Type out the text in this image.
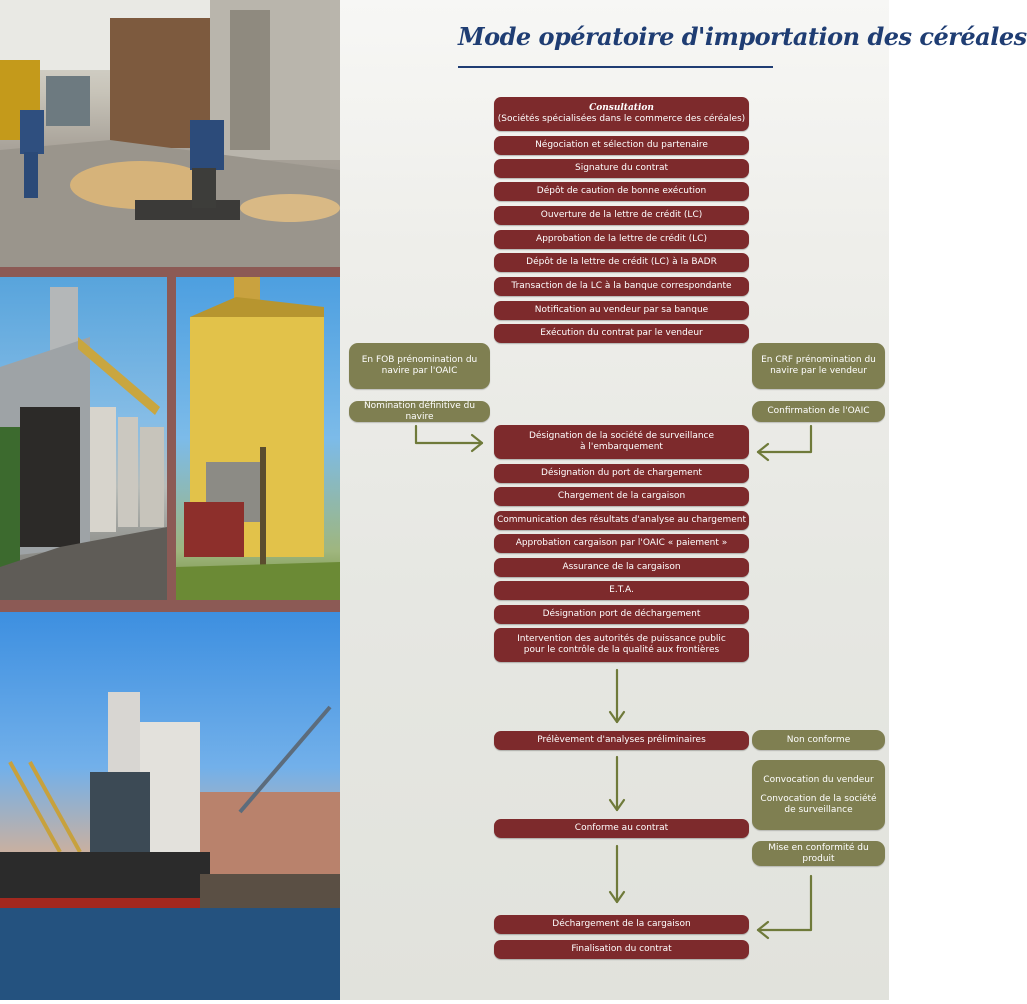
Mode opératoire d'importation des céréales
Consultation
(Sociétés spécialisées dans le commerce des céréales)
Négociation et sélection du partenaire
Signature du contrat
Dépôt de caution de bonne exécution
Ouverture de la lettre de crédit (LC)
Approbation de la lettre de crédit (LC)
Dépôt de la lettre de crédit (LC) à la BADR
Transaction de la LC à la banque correspondante
Notification au vendeur par sa banque
Exécution du contrat par le vendeur
En FOB prénomination du
navire par l'OAIC
Nomination définitive du navire
En CRF prénomination du
navire par le vendeur
Confirmation de l'OAIC
Désignation de la société de surveillance
à l'embarquement
Désignation du port de chargement
Chargement de la cargaison
Communication des résultats d'analyse au chargement
Approbation cargaison par l'OAIC « paiement »
Assurance de la cargaison
E.T.A.
Désignation port de déchargement
Intervention des autorités de puissance public
pour le contrôle de la qualité aux frontières
Prélèvement d'analyses préliminaires	Non conforme
Convocation du vendeur
Convocation de la société
de surveillance
Conforme au contrat
Mise en conformité du produit
Déchargement de la cargaison
Finalisation du contrat
